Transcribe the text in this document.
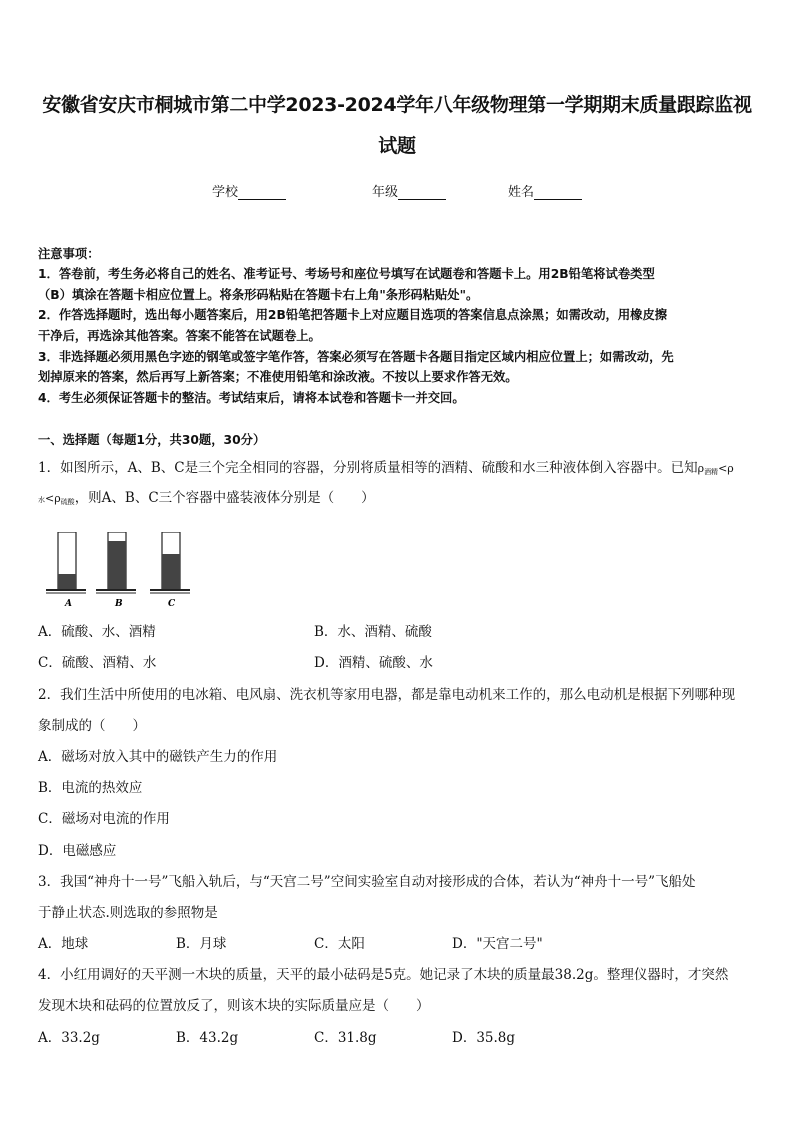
安徽省安庆市桐城市第二中学2023-2024学年八年级物理第一学期期末质量跟踪监视
试题
学校	年级	姓名
注意事项：
1．答卷前，考生务必将自己的姓名、准考证号、考场号和座位号填写在试题卷和答题卡上。用2B铅笔将试卷类型
（B）填涂在答题卡相应位置上。将条形码粘贴在答题卡右上角"条形码粘贴处"。
2．作答选择题时，选出每小题答案后，用2B铅笔把答题卡上对应题目选项的答案信息点涂黑；如需改动，用橡皮擦
干净后，再选涂其他答案。答案不能答在试题卷上。
3．非选择题必须用黑色字迹的钢笔或签字笔作答，答案必须写在答题卡各题目指定区域内相应位置上；如需改动，先
划掉原来的答案，然后再写上新答案；不准使用铅笔和涂改液。不按以上要求作答无效。
4．考生必须保证答题卡的整洁。考试结束后，请将本试卷和答题卡一并交回。
一、选择题（每题1分，共30题，30分）
1．如图所示，A、B、C是三个完全相同的容器，分别将质量相等的酒精、硫酸和水三种液体倒入容器中。已知$\rho_{酒精}<\rho$
水$<\rho_{硫酸}$，则A、B、C三个容器中盛装液体分别是（　　）
A	B	C
A．硫酸、水、酒精	B．水、酒精、硫酸
C．硫酸、酒精、水	D．酒精、硫酸、水
2．我们生活中所使用的电冰箱、电风扇、洗衣机等家用电器，都是靠电动机来工作的，那么电动机是根据下列哪种现
象制成的（　　）
A．磁场对放入其中的磁铁产生力的作用
B．电流的热效应
C．磁场对电流的作用
D．电磁感应
3．我国“神舟十一号”飞船入轨后，与“天宫二号”空间实验室自动对接形成的合体，若认为“神舟十一号”飞船处
于静止状态.则选取的参照物是
A．地球	B．月球	C．太阳	D．"天宫二号"
4．小红用调好的天平测一木块的质量，天平的最小砝码是5克。她记录了木块的质量最38.2g。整理仪器时，才突然
发现木块和砝码的位置放反了，则该木块的实际质量应是（　　）
A．33.2g	B．43.2g	C．31.8g	D．35.8g
